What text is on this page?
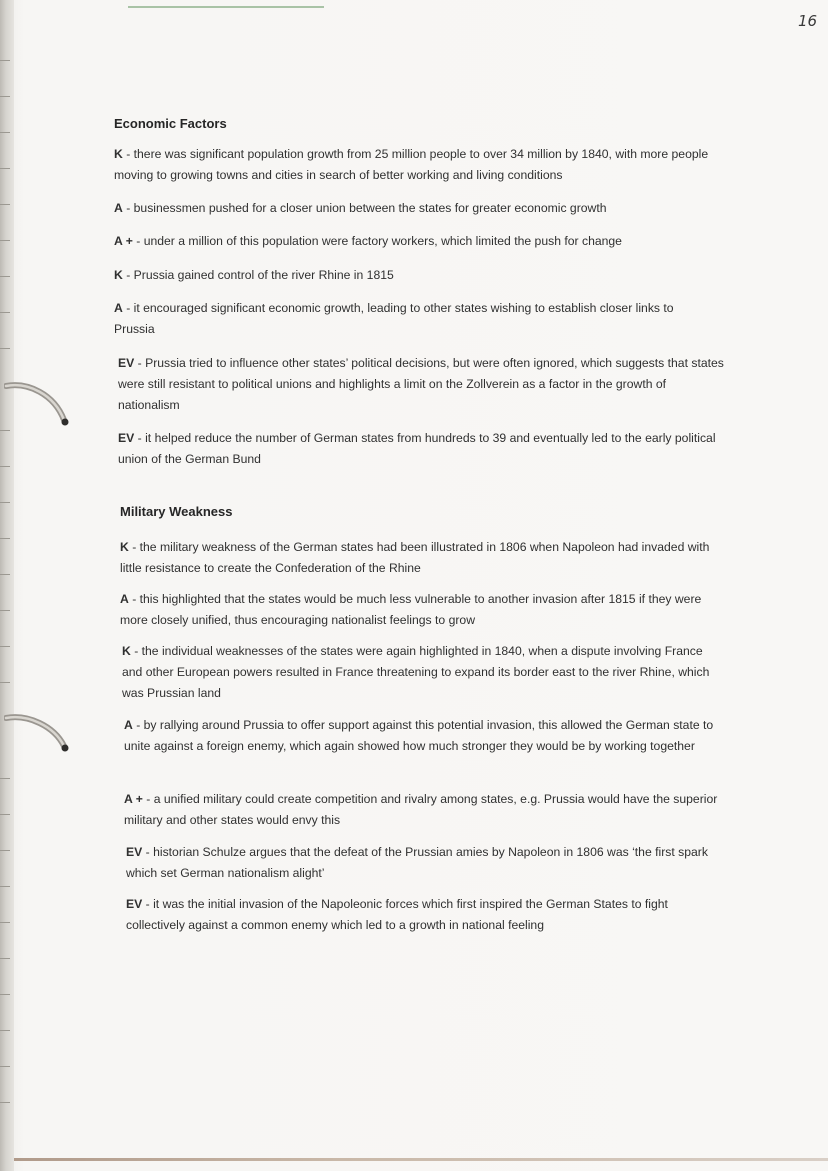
16
Economic Factors

K - there was significant population growth from 25 million people to over 34 million by 1840, with more people moving to growing towns and cities in search of better working and living conditions

A - businessmen pushed for a closer union between the states for greater economic growth

A + - under a million of this population were factory workers, which limited the push for change

K - Prussia gained control of the river Rhine in 1815

A - it encouraged significant economic growth, leading to other states wishing to establish closer links to Prussia

EV - Prussia tried to influence other states’ political decisions, but were often ignored, which suggests that states were still resistant to political unions and highlights a limit on the Zollverein as a factor in the growth of nationalism

EV - it helped reduce the number of German states from hundreds to 39 and eventually led to the early political union of the German Bund

Military Weakness

K - the military weakness of the German states had been illustrated in 1806 when Napoleon had invaded with little resistance to create the Confederation of the Rhine

A - this highlighted that the states would be much less vulnerable to another invasion after 1815 if they were more closely unified, thus encouraging nationalist feelings to grow

K - the individual weaknesses of the states were again highlighted in 1840, when a dispute involving France and other European powers resulted in France threatening to expand its border east to the river Rhine, which was Prussian land

A - by rallying around Prussia to offer support against this potential invasion, this allowed the German state to unite against a foreign enemy, which again showed how much stronger they would be by working together

A + - a unified military could create competition and rivalry among states, e.g. Prussia would have the superior military and other states would envy this

EV - historian Schulze argues that the defeat of the Prussian amies by Napoleon in 1806 was ‘the first spark which set German nationalism alight’

EV - it was the initial invasion of the Napoleonic forces which first inspired the German States to fight collectively against a common enemy which led to a growth in national feeling
